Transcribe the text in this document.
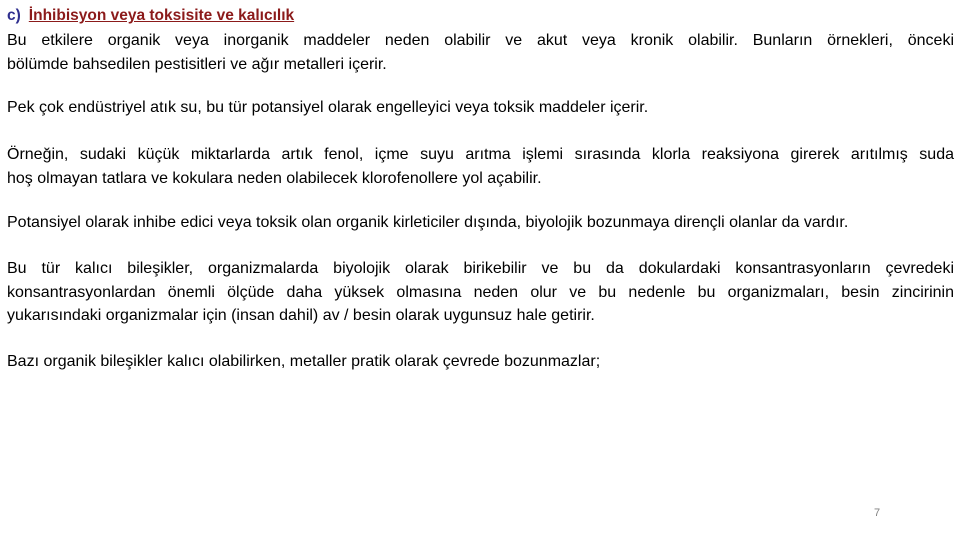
c) İnhibisyon veya toksisite ve kalıcılık

Bu etkilere organik veya inorganik maddeler neden olabilir ve akut veya kronik olabilir. Bunların örnekleri, önceki
bölümde bahsedilen pestisitleri ve ağır metalleri içerir.

Pek çok endüstriyel atık su, bu tür potansiyel olarak engelleyici veya toksik maddeler içerir.

Örneğin, sudaki küçük miktarlarda artık fenol, içme suyu arıtma işlemi sırasında klorla reaksiyona girerek arıtılmış suda
hoş olmayan tatlara ve kokulara neden olabilecek klorofenollere yol açabilir.

Potansiyel olarak inhibe edici veya toksik olan organik kirleticiler dışında, biyolojik bozunmaya dirençli olanlar da vardır.

Bu tür kalıcı bileşikler, organizmalarda biyolojik olarak birikebilir ve bu da dokulardaki konsantrasyonların çevredeki
konsantrasyonlardan önemli ölçüde daha yüksek olmasına neden olur ve bu nedenle bu organizmaları, besin zincirinin
yukarısındaki organizmalar için (insan dahil) av / besin olarak uygunsuz hale getirir.

Bazı organik bileşikler kalıcı olabilirken, metaller pratik olarak çevrede bozunmazlar;

7
